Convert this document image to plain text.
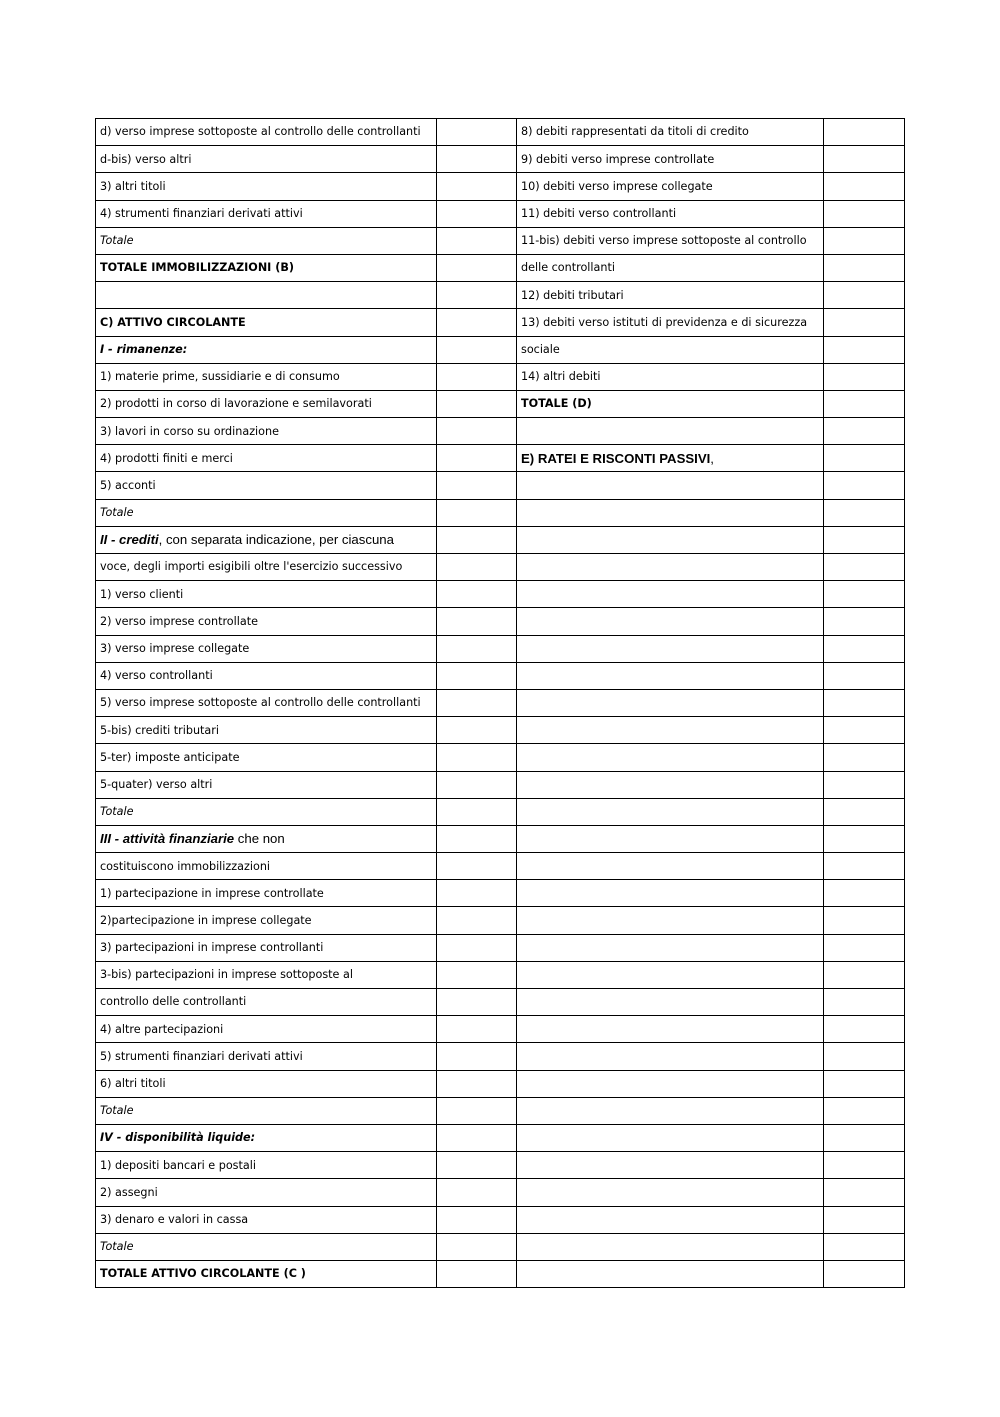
d) verso imprese sottoposte al controllo delle controllanti		8) debiti rappresentati da titoli di credito	
d-bis) verso altri		9) debiti verso imprese controllate	
3) altri titoli		10) debiti verso imprese collegate	
4) strumenti finanziari derivati attivi		11) debiti verso controllanti	
Totale		11-bis) debiti verso imprese sottoposte al controllo	
TOTALE IMMOBILIZZAZIONI (B)		delle controllanti	
		12) debiti tributari	
C) ATTIVO CIRCOLANTE		13) debiti verso istituti di previdenza e di sicurezza	
I - rimanenze:		sociale	
1) materie prime, sussidiarie e di consumo		14) altri debiti	
2) prodotti in corso di lavorazione e semilavorati		TOTALE (D)	
3) lavori in corso su ordinazione			
4) prodotti finiti e merci		E) RATEI E RISCONTI PASSIVI,	
5) acconti			
Totale			
II - crediti, con separata indicazione, per ciascuna			
voce, degli importi esigibili oltre l'esercizio successivo			
1) verso clienti			
2) verso imprese controllate			
3) verso imprese collegate			
4) verso controllanti			
5) verso imprese sottoposte al controllo delle controllanti			
5-bis) crediti tributari			
5-ter) imposte anticipate			
5-quater) verso altri			
Totale			
III - attività finanziarie che non			
costituiscono immobilizzazioni			
1) partecipazione in imprese controllate			
2)partecipazione in imprese collegate			
3) partecipazioni in imprese controllanti			
3-bis) partecipazioni in imprese sottoposte al			
controllo delle controllanti			
4) altre partecipazioni			
5) strumenti finanziari derivati attivi			
6) altri titoli			
Totale			
IV - disponibilità liquide:			
1) depositi bancari e postali			
2) assegni			
3) denaro e valori in cassa			
Totale			
TOTALE ATTIVO CIRCOLANTE (C )			
